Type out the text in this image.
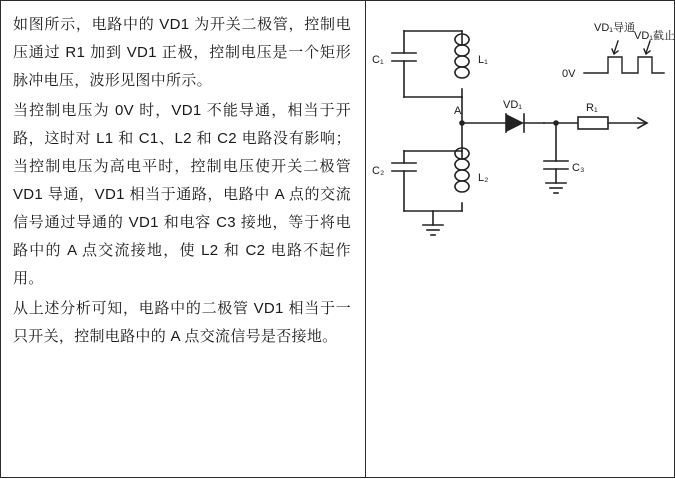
如图所示，电路中的 VD1 为开关二极管，控制电压通过 R1 加到 VD1 正极，控制电压是一个矩形脉冲电压，波形见图中所示。

当控制电压为 0V 时，VD1 不能导通，相当于开路，这时对 L1 和 C1、L2 和 C2 电路没有影响；当控制电压为高电平时，控制电压使开关二极管 VD1 导通，VD1 相当于通路，电路中 A 点的交流信号通过导通的 VD1 和电容 C3 接地，等于将电路中的 A 点交流接地，使 L2 和 C2 电路不起作用。

从上述分析可知，电路中的二极管 VD1 相当于一只开关，控制电路中的 A 点交流信号是否接地。

C₁	L₁
C₂
L₂
A	VD₁	R₁
C₃
0V
VD₁导通
VD₁截止
